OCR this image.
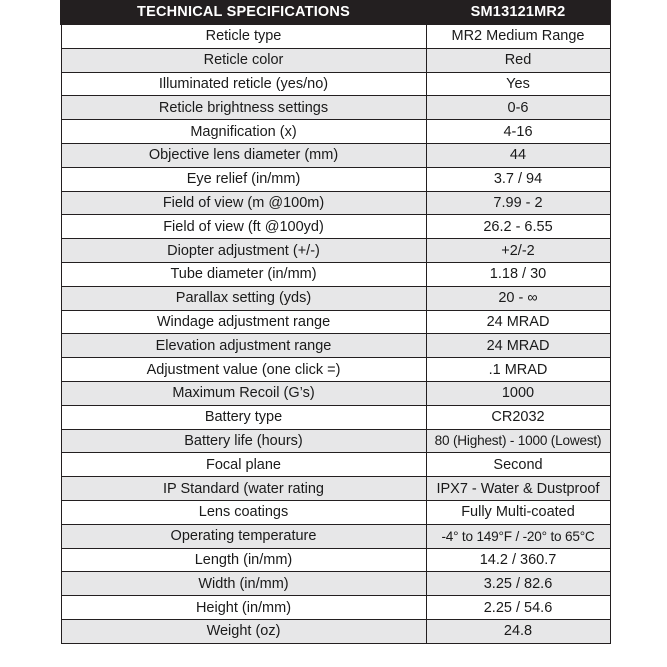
TECHNICAL SPECIFICATIONS	SM13121MR2
Reticle type	MR2 Medium Range
Reticle color	Red
Illuminated reticle (yes/no)	Yes
Reticle brightness settings	0-6
Magnification (x)	4-16
Objective lens diameter (mm)	44
Eye relief (in/mm)	3.7 / 94
Field of view (m @100m)	7.99 - 2
Field of view (ft @100yd)	26.2 - 6.55
Diopter adjustment (+/-)	+2/-2
Tube diameter (in/mm)	1.18 / 30
Parallax setting (yds)	20 - ∞
Windage adjustment range	24 MRAD
Elevation adjustment range	24 MRAD
Adjustment value (one click =)	.1 MRAD
Maximum Recoil (G’s)	1000
Battery type	CR2032
Battery life (hours)	80 (Highest) - 1000 (Lowest)
Focal plane	Second
IP Standard (water rating	IPX7 - Water & Dustproof
Lens coatings	Fully Multi-coated
Operating temperature	-4° to 149°F / -20° to 65°C
Length (in/mm)	14.2 / 360.7
Width (in/mm)	3.25 / 82.6
Height (in/mm)	2.25 / 54.6
Weight (oz)	24.8
